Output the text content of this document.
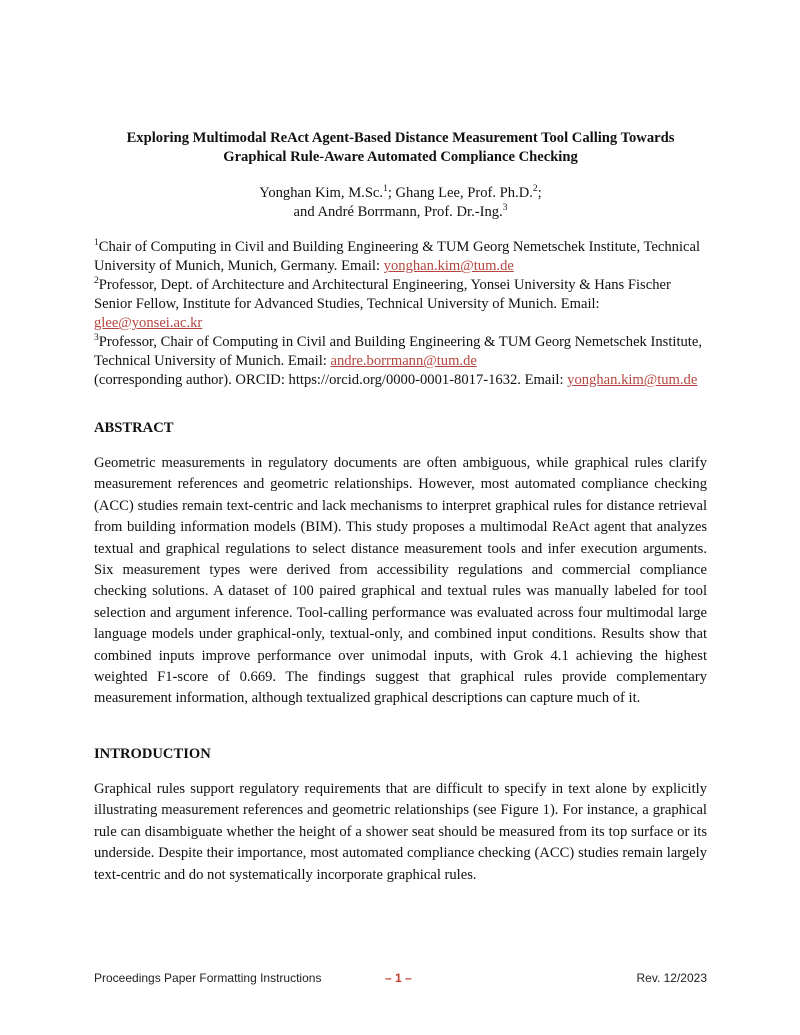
Exploring Multimodal ReAct Agent-Based Distance Measurement Tool Calling Towards
Graphical Rule-Aware Automated Compliance Checking
Yonghan Kim, M.Sc.$^1$; Ghang Lee, Prof. Ph.D.$^2$;
and André Borrmann, Prof. Dr.-Ing.$^3$

$^1$Chair of Computing in Civil and Building Engineering & TUM Georg Nemetschek Institute, Technical University of Munich, Munich, Germany. Email: yonghan.kim@tum.de

$^2$Professor, Dept. of Architecture and Architectural Engineering, Yonsei University & Hans Fischer Senior Fellow, Institute for Advanced Studies, Technical University of Munich. Email: glee@yonsei.ac.kr

$^3$Professor, Chair of Computing in Civil and Building Engineering & TUM Georg Nemetschek Institute, Technical University of Munich. Email: andre.borrmann@tum.de
(corresponding author). ORCID: https://orcid.org/0000-0001-8017-1632. Email: yonghan.kim@tum.de

ABSTRACT

Geometric measurements in regulatory documents are often ambiguous, while graphical rules clarify measurement references and geometric relationships. However, most automated compliance checking (ACC) studies remain text-centric and lack mechanisms to interpret graphical rules for distance retrieval from building information models (BIM). This study proposes a multimodal ReAct agent that analyzes textual and graphical regulations to select distance measurement tools and infer execution arguments. Six measurement types were derived from accessibility regulations and commercial compliance checking solutions. A dataset of 100 paired graphical and textual rules was manually labeled for tool selection and argument inference. Tool-calling performance was evaluated across four multimodal large language models under graphical-only, textual-only, and combined input conditions. Results show that combined inputs improve performance over unimodal inputs, with Grok 4.1 achieving the highest weighted F1-score of 0.669. The findings suggest that graphical rules provide complementary measurement information, although textualized graphical descriptions can capture much of it.

INTRODUCTION

Graphical rules support regulatory requirements that are difficult to specify in text alone by explicitly illustrating measurement references and geometric relationships (see Figure 1). For instance, a graphical rule can disambiguate whether the height of a shower seat should be measured from its top surface or its underside. Despite their importance, most automated compliance checking (ACC) studies remain largely text-centric and do not systematically incorporate graphical rules.

Proceedings Paper Formatting Instructions	– 1 –	Rev. 12/2023
